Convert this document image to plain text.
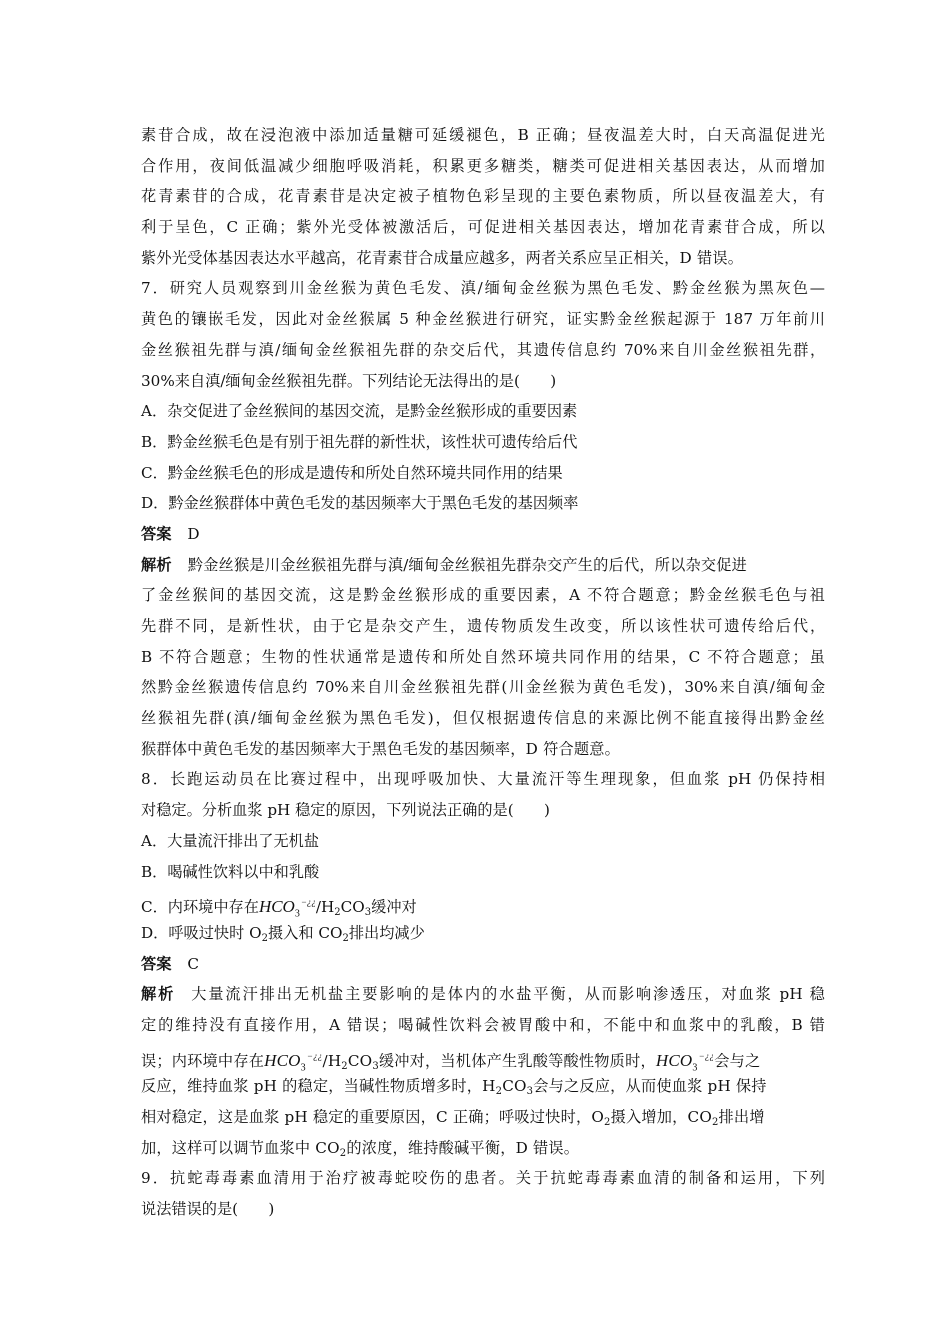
素苷合成，故在浸泡液中添加适量糖可延缓褪色，B 正确；昼夜温差大时，白天高温促进光
合作用，夜间低温减少细胞呼吸消耗，积累更多糖类，糖类可促进相关基因表达，从而增加
花青素苷的合成，花青素苷是决定被子植物色彩呈现的主要色素物质，所以昼夜温差大，有
利于呈色，C 正确；紫外光受体被激活后，可促进相关基因表达，增加花青素苷合成，所以
紫外光受体基因表达水平越高，花青素苷合成量应越多，两者关系应呈正相关，D 错误。
7．研究人员观察到川金丝猴为黄色毛发、滇/缅甸金丝猴为黑色毛发、黔金丝猴为黑灰色—
黄色的镶嵌毛发，因此对金丝猴属 5 种金丝猴进行研究，证实黔金丝猴起源于 187 万年前川
金丝猴祖先群与滇/缅甸金丝猴祖先群的杂交后代，其遗传信息约 70%来自川金丝猴祖先群，
30%来自滇/缅甸金丝猴祖先群。下列结论无法得出的是(　　)
A．杂交促进了金丝猴间的基因交流，是黔金丝猴形成的重要因素
B．黔金丝猴毛色是有别于祖先群的新性状，该性状可遗传给后代
C．黔金丝猴毛色的形成是遗传和所处自然环境共同作用的结果
D．黔金丝猴群体中黄色毛发的基因频率大于黑色毛发的基因频率
答案 D
解析 黔金丝猴是川金丝猴祖先群与滇/缅甸金丝猴祖先群杂交产生的后代，所以杂交促进
了金丝猴间的基因交流，这是黔金丝猴形成的重要因素，A 不符合题意；黔金丝猴毛色与祖
先群不同，是新性状，由于它是杂交产生，遗传物质发生改变，所以该性状可遗传给后代，
B 不符合题意；生物的性状通常是遗传和所处自然环境共同作用的结果，C 不符合题意；虽
然黔金丝猴遗传信息约 70%来自川金丝猴祖先群(川金丝猴为黄色毛发)，30%来自滇/缅甸金
丝猴祖先群(滇/缅甸金丝猴为黑色毛发)，但仅根据遗传信息的来源比例不能直接得出黔金丝
猴群体中黄色毛发的基因频率大于黑色毛发的基因频率，D 符合题意。
8．长跑运动员在比赛过程中，出现呼吸加快、大量流汗等生理现象，但血浆 pH 仍保持相
对稳定。分析血浆 pH 稳定的原因，下列说法正确的是(　　)
A．大量流汗排出了无机盐
B．喝碱性饮料以中和乳酸
C．内环境中存在$HCO_3^{-¿¿}/H_2CO_3$缓冲对
D．呼吸过快时 $O_2$摄入和 $CO_2$排出均减少
答案 C
解析 大量流汗排出无机盐主要影响的是体内的水盐平衡，从而影响渗透压，对血浆 pH 稳
定的维持没有直接作用，A 错误；喝碱性饮料会被胃酸中和，不能中和血浆中的乳酸，B 错
误；内环境中存在$HCO_3^{-¿¿}/H_2CO_3$缓冲对，当机体产生乳酸等酸性物质时，$HCO_3^{-¿¿}$会与之
反应，维持血浆 pH 的稳定，当碱性物质增多时，$H_2CO_3$会与之反应，从而使血浆 pH 保持
相对稳定，这是血浆 pH 稳定的重要原因，C 正确；呼吸过快时，$O_2$摄入增加，$CO_2$排出增
加，这样可以调节血浆中 $CO_2$的浓度，维持酸碱平衡，D 错误。
9．抗蛇毒毒素血清用于治疗被毒蛇咬伤的患者。关于抗蛇毒毒素血清的制备和运用，下列
说法错误的是(　　)
